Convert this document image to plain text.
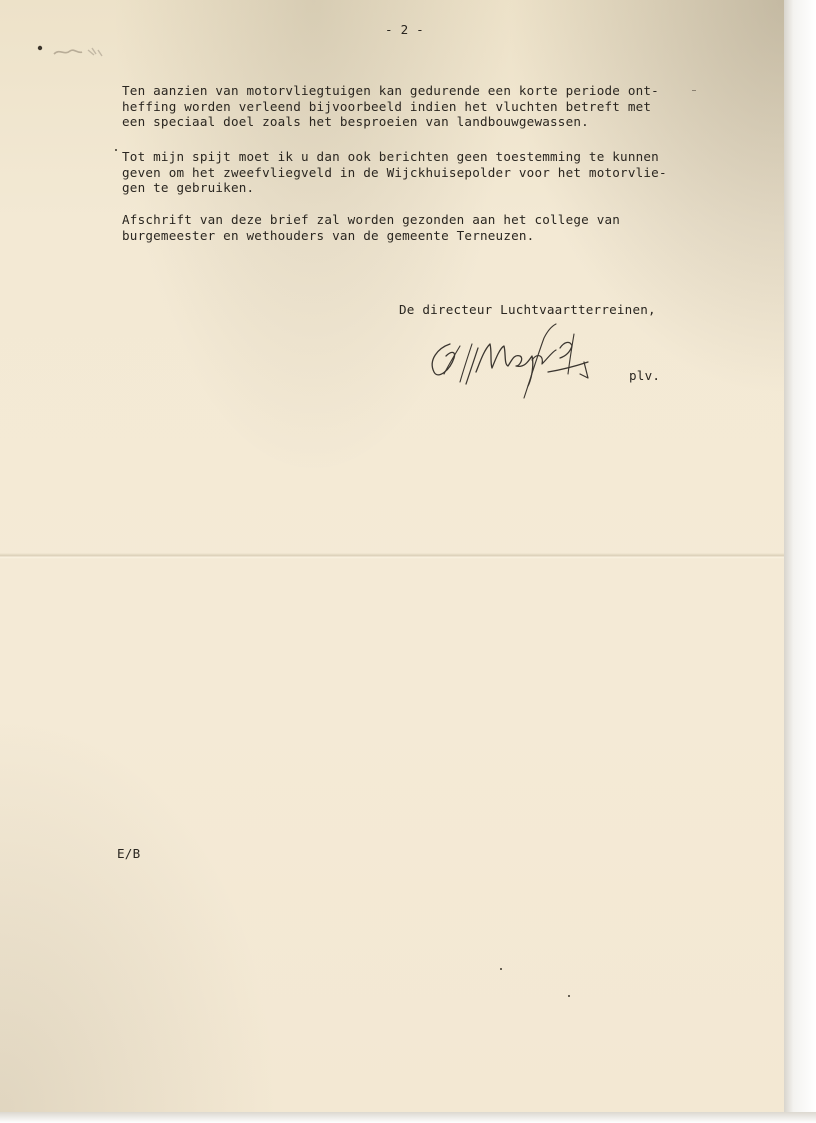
- 2 -
Ten aanzien van motorvliegtuigen kan gedurende een korte periode ont-
heffing worden verleend bijvoorbeeld indien het vluchten betreft met
een speciaal doel zoals het besproeien van landbouwgewassen.
Tot mijn spijt moet ik u dan ook berichten geen toestemming te kunnen
geven om het zweefvliegveld in de Wijckhuisepolder voor het motorvlie-
gen te gebruiken.
Afschrift van deze brief zal worden gezonden aan het college van
burgemeester en wethouders van de gemeente Terneuzen.
De directeur Luchtvaartterreinen,
plv.
E/B
